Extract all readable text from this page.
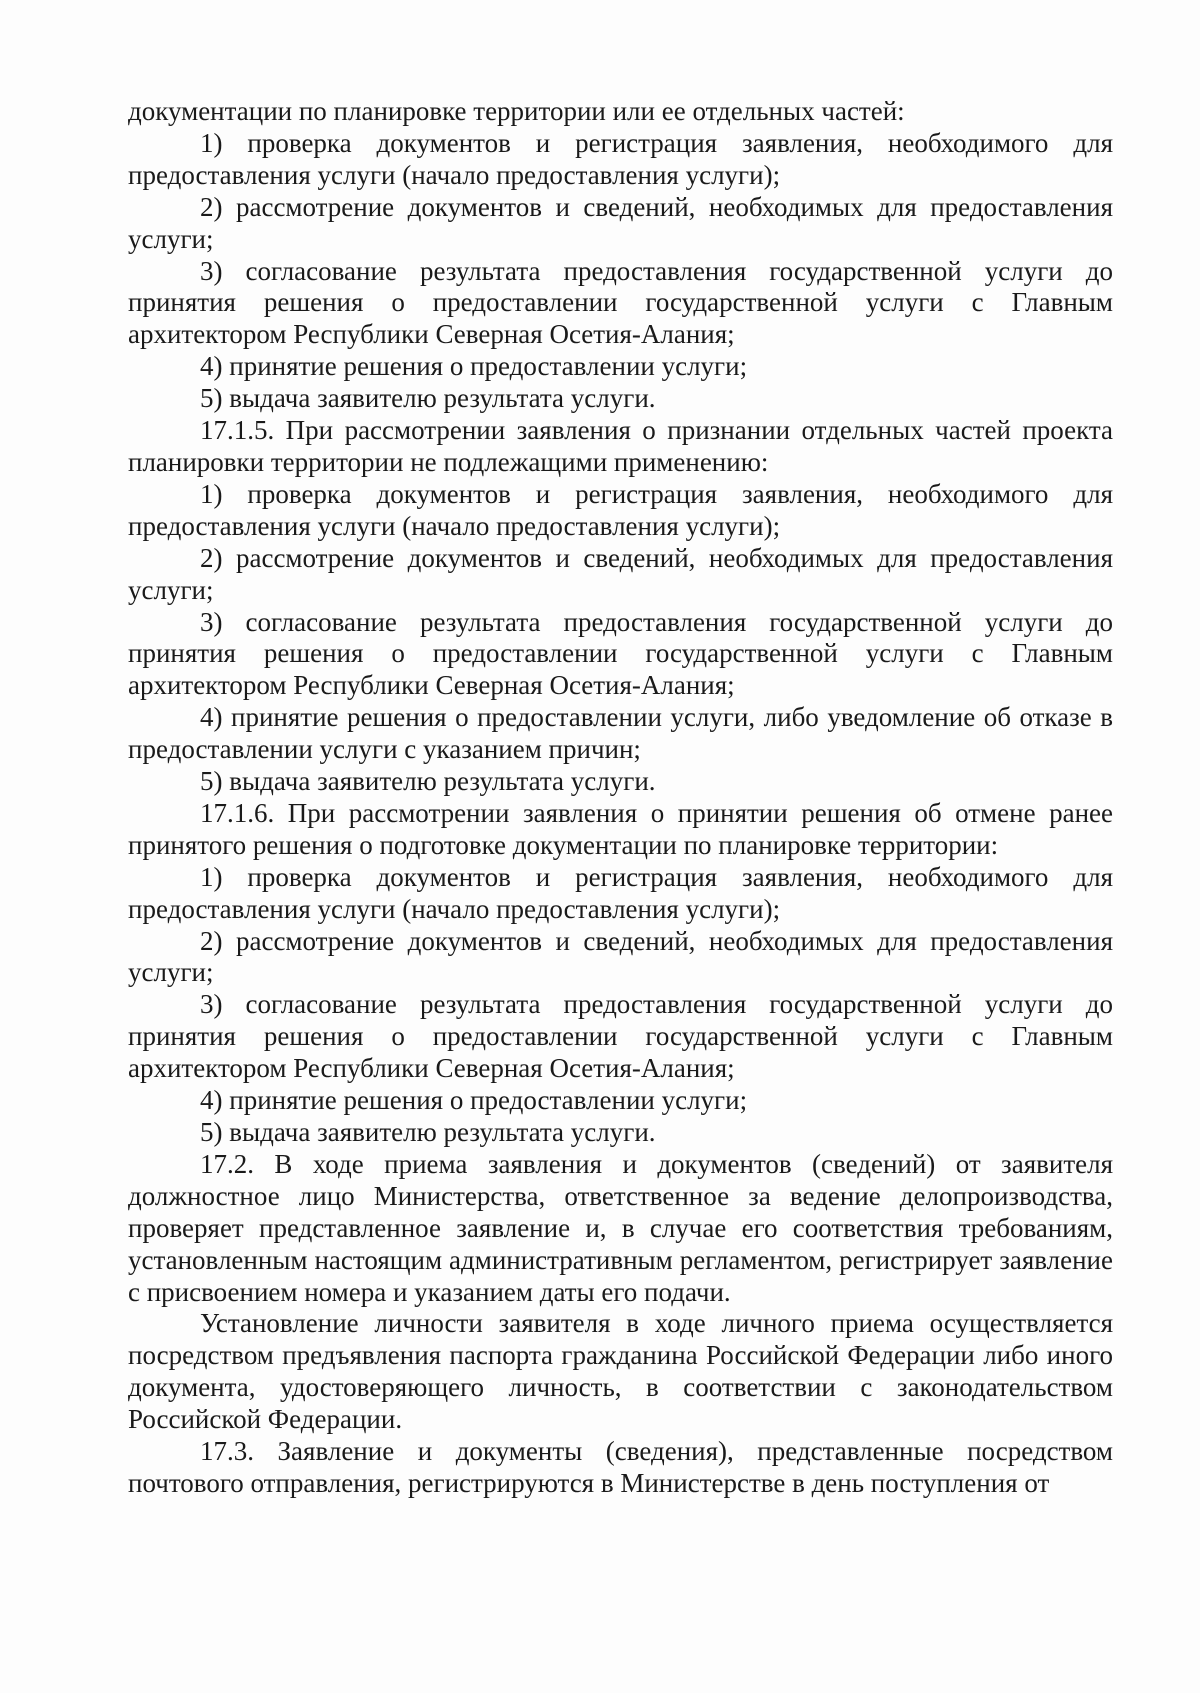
документации по планировке территории или ее отдельных частей:

1) проверка документов и регистрация заявления, необходимого для предоставления услуги (начало предоставления услуги);

2) рассмотрение документов и сведений, необходимых для предоставления услуги;

3) согласование результата предоставления государственной услуги до принятия решения о предоставлении государственной услуги с Главным архитектором Республики Северная Осетия-Алания;

4) принятие решения о предоставлении услуги;

5) выдача заявителю результата услуги.

17.1.5. При рассмотрении заявления о признании отдельных частей проекта планировки территории не подлежащими применению:

1) проверка документов и регистрация заявления, необходимого для предоставления услуги (начало предоставления услуги);

2) рассмотрение документов и сведений, необходимых для предоставления услуги;

3) согласование результата предоставления государственной услуги до принятия решения о предоставлении государственной услуги с Главным архитектором Республики Северная Осетия-Алания;

4) принятие решения о предоставлении услуги, либо уведомление об отказе в предоставлении услуги с указанием причин;

5) выдача заявителю результата услуги.

17.1.6. При рассмотрении заявления о принятии решения об отмене ранее принятого решения о подготовке документации по планировке территории:

1) проверка документов и регистрация заявления, необходимого для предоставления услуги (начало предоставления услуги);

2) рассмотрение документов и сведений, необходимых для предоставления услуги;

3) согласование результата предоставления государственной услуги до принятия решения о предоставлении государственной услуги с Главным архитектором Республики Северная Осетия-Алания;

4) принятие решения о предоставлении услуги;

5) выдача заявителю результата услуги.

17.2. В ходе приема заявления и документов (сведений) от заявителя должностное лицо Министерства, ответственное за ведение делопроизводства, проверяет представленное заявление и, в случае его соответствия требованиям, установленным настоящим административным регламентом, регистрирует заявление с присвоением номера и указанием даты его подачи.

Установление личности заявителя в ходе личного приема осуществляется посредством предъявления паспорта гражданина Российской Федерации либо иного документа, удостоверяющего личность, в соответствии с законодательством Российской Федерации.

17.3. Заявление и документы (сведения), представленные посредством почтового отправления, регистрируются в Министерстве в день поступления от
